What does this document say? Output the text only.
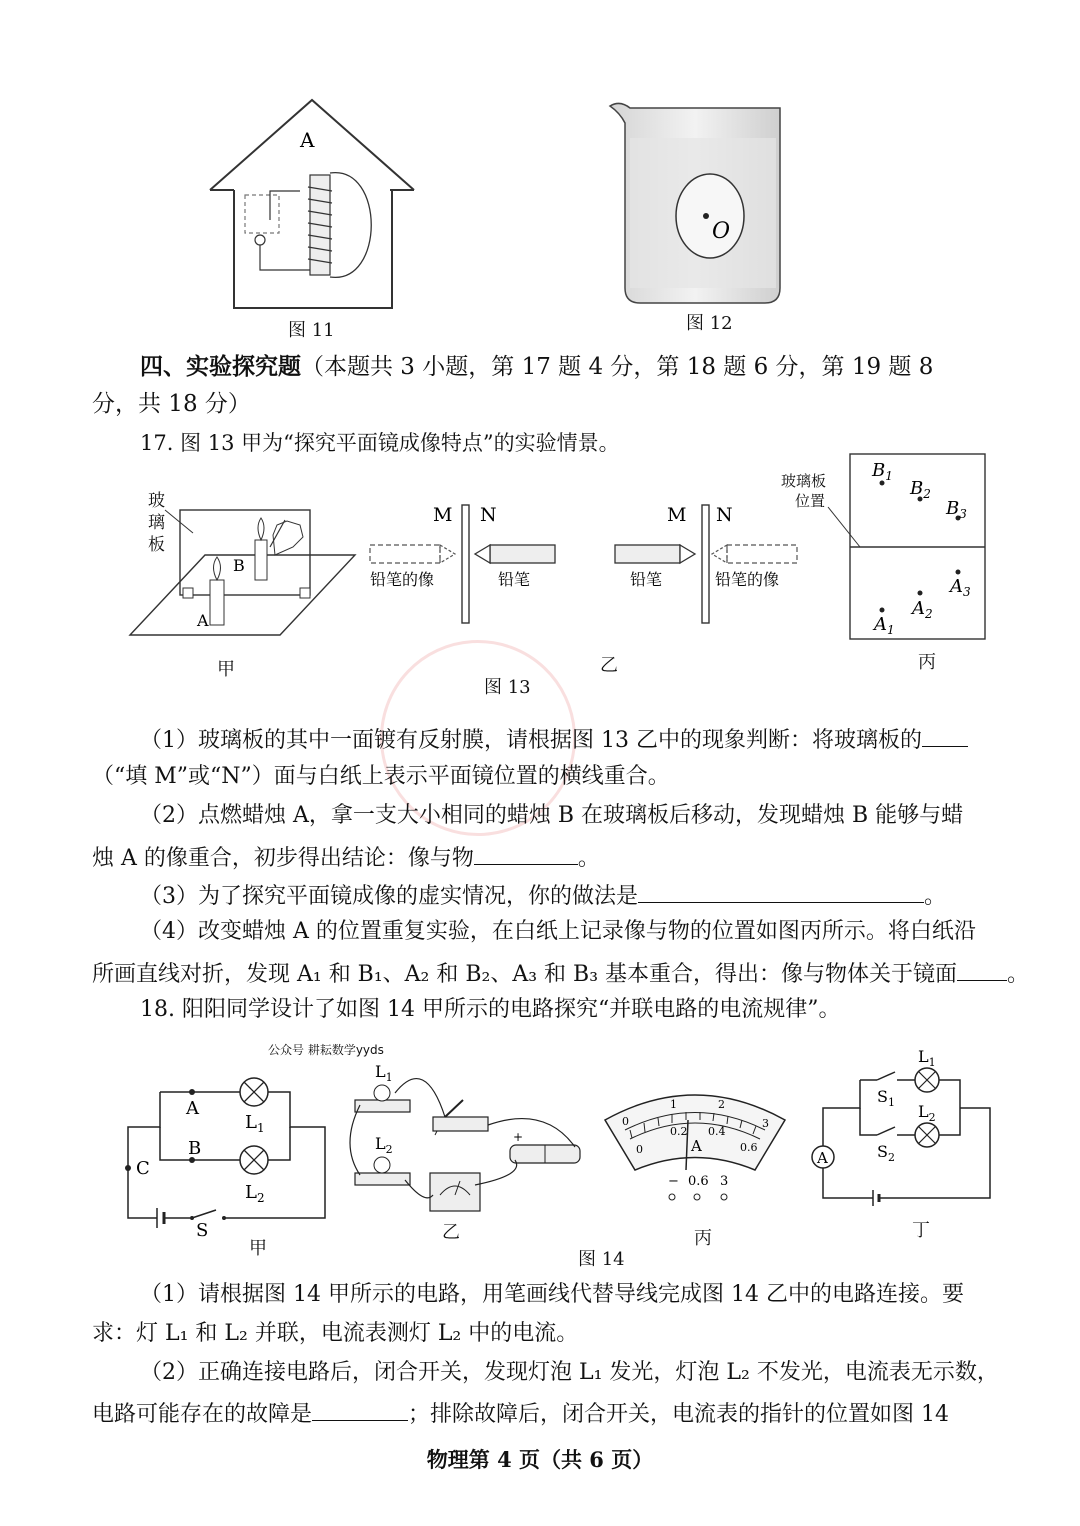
A
图 11
O
图 12
四、实验探究题（本题共 3 小题，第 17 题 4 分，第 18 题 6 分，第 19 题 8
分，共 18 分）
17. 图 13 甲为“探究平面镜成像特点”的实验情景。
B
A
玻
璃
板
甲
M N
铅笔的像	铅笔
M N
铅笔	铅笔的像
乙
图 13
玻璃板
位置
$B_1$
$B_2$
$B_3$
$A_3$
$A_2$
$A_1$
丙
（1）玻璃板的其中一面镀有反射膜，请根据图 13 乙中的现象判断：将玻璃板的
（“填 M”或“N”）面与白纸上表示平面镜位置的横线重合。
（2）点燃蜡烛 A，拿一支大小相同的蜡烛 B 在玻璃板后移动，发现蜡烛 B 能够与蜡
烛 A 的像重合，初步得出结论：像与物	。
（3）为了探究平面镜成像的虚实情况，你的做法是	。
（4）改变蜡烛 A 的位置重复实验，在白纸上记录像与物的位置如图丙所示。将白纸沿
所画直线对折，发现 A₁ 和 B₁、A₂ 和 B₂、A₃ 和 B₃ 基本重合，得出：像与物体关于镜面 。
18. 阳阳同学设计了如图 14 甲所示的电路探究“并联电路的电流规律”。
公众号 耕耘数学yyds
A
B
C
$L_1$
$L_2$
S
甲
+
$L_1$
$L_2$
乙
0
1	2
3
0
0.2 0.4
0.6
A
− 0.6 3
丙
A
$L_1$
$L_2$
$S_1$
$S_2$
丁
图 14
（1）请根据图 14 甲所示的电路，用笔画线代替导线完成图 14 乙中的电路连接。要
求：灯 L₁ 和 L₂ 并联，电流表测灯 L₂ 中的电流。
（2）正确连接电路后，闭合开关，发现灯泡 L₁ 发光，灯泡 L₂ 不发光，电流表无示数，
电路可能存在的故障是	；排除故障后，闭合开关，电流表的指针的位置如图 14
物理第 4 页（共 6 页）
